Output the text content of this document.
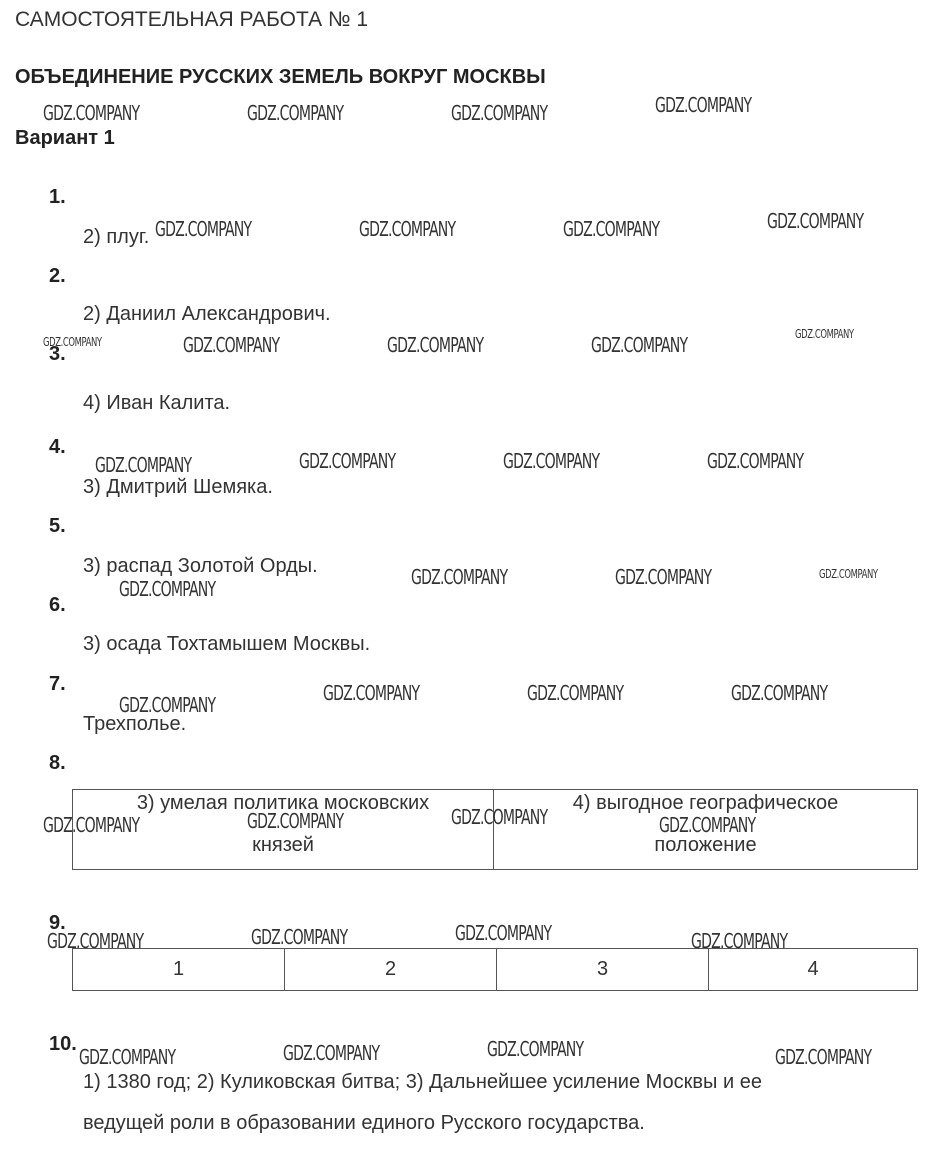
САМОСТОЯТЕЛЬНАЯ РАБОТА № 1
ОБЪЕДИНЕНИЕ РУССКИХ ЗЕМЕЛЬ ВОКРУГ МОСКВЫ
Вариант 1
1.
2) плуг.
2.
2) Даниил Александрович.
3.
4) Иван Калита.
4.
3) Дмитрий Шемяка.
5.
3) распад Золотой Орды.
6.
3) осада Тохтамышем Москвы.
7.
Трехполье.
8.
3) умелая политика московских
князей

4) выгодное географическое
положение
9.
1	2	3	4
10.
1) 1380 год; 2) Куликовская битва; 3) Дальнейшее усиление Москвы и ее
ведущей роли в образовании единого Русского государства.
GDZ.COMPANY	GDZ.COMPANY	GDZ.COMPANY	GDZ.COMPANY
GDZ.COMPANY	GDZ.COMPANY	GDZ.COMPANY	GDZ.COMPANY
GDZ.COMPANY	GDZ.COMPANY	GDZ.COMPANY	GDZ.COMPANY	GDZ.COMPANY
GDZ.COMPANY	GDZ.COMPANY	GDZ.COMPANY	GDZ.COMPANY
GDZ.COMPANY	GDZ.COMPANY	GDZ.COMPANY	GDZ.COMPANY
GDZ.COMPANY	GDZ.COMPANY	GDZ.COMPANY	GDZ.COMPANY
GDZ.COMPANY	GDZ.COMPANY	GDZ.COMPANY	GDZ.COMPANY
GDZ.COMPANY	GDZ.COMPANY	GDZ.COMPANY	GDZ.COMPANY
GDZ.COMPANY	GDZ.COMPANY	GDZ.COMPANY	GDZ.COMPANY
